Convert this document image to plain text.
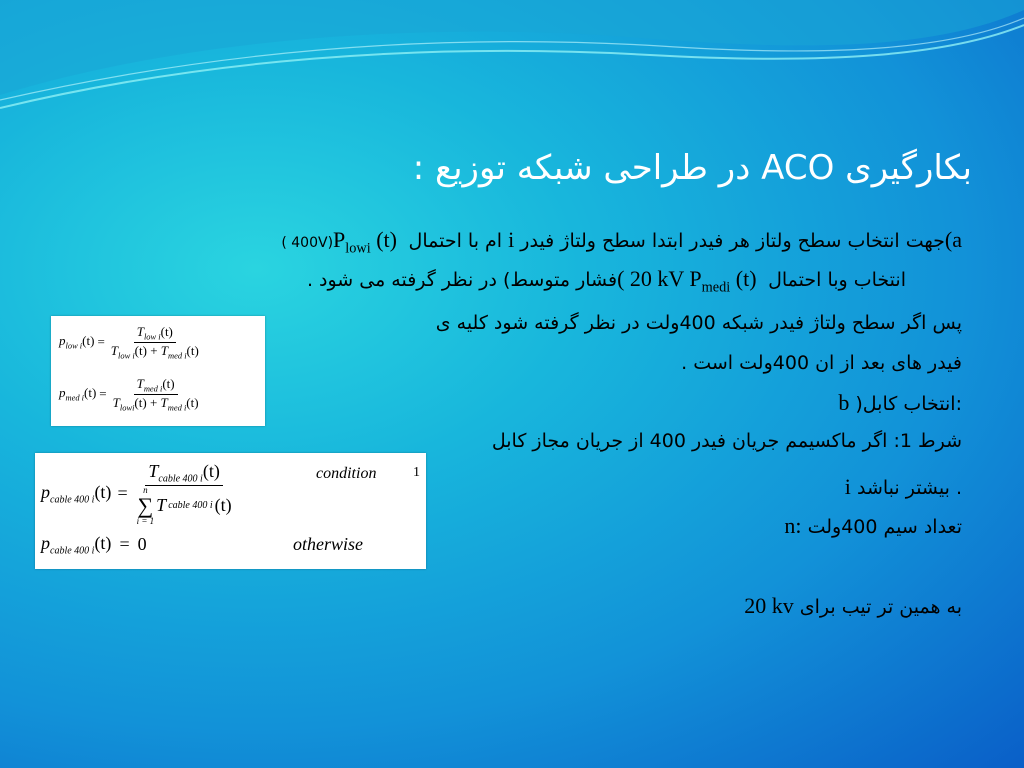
بکارگیری ACO در طراحی شبکه توزیع :
(aجهت انتخاب سطح ولتاز هر فیدر ابتدا سطح ولتاژ فیدر i ام با احتمال $P_{lowi}$ (t) ( 400V)
انتخاب وبا احتمال ( 20 kV $P_{medi}$ (t) فشار متوسط) در نظر گرفته می شود .
پس اگر سطح ولتاژ فیدر شبکه 400ولت در نظر گرفته شود کلیه ی
فیدر های بعد از ان 400ولت است .
b )انتخاب کابل:
شرط 1: اگر ماکسیمم جریان فیدر 400 از جریان مجاز کابل
i بیشتر نباشد .
n: تعداد سیم 400ولت
به همین تر تیب برای 20 kv
$p_{low i}(t) = \frac{T_{low i}(t)}{T_{low i}(t) + T_{med i}(t)}$
$p_{med i}(t) = \frac{T_{med i}(t)}{T_{lowi}(t) + T_{med i}(t)}$
$p_{cable 400 i}(t)$ =
$T_{cable 400 i}(t)$
n
∑
i = 1
T cable 400 i (t)
condition	1
$p_{cable 400 i}(t) = 0$	otherwise
